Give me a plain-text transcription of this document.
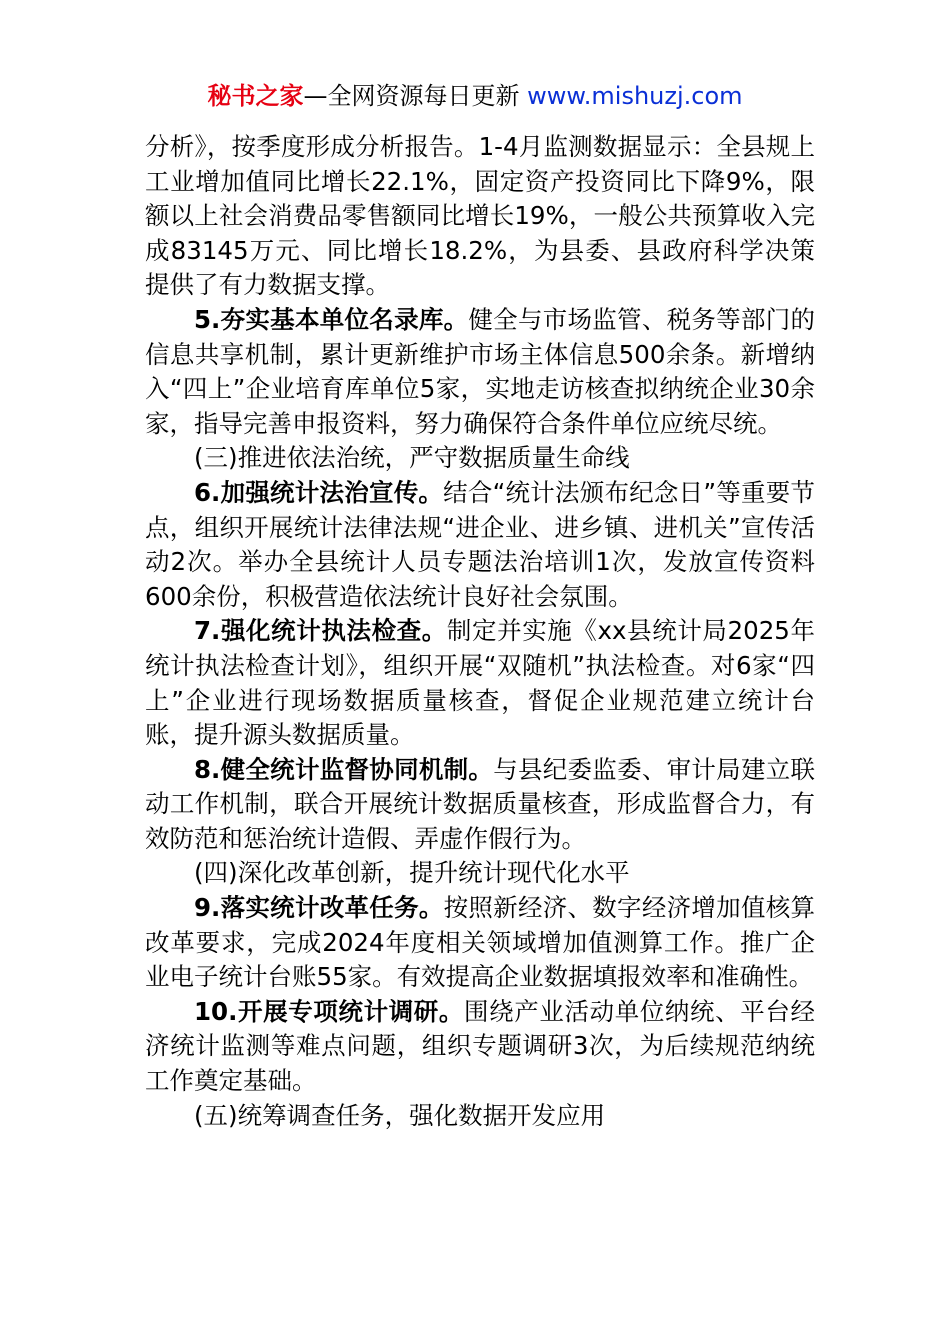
秘书之家—全网资源每日更新 www.mishuzj.com

分析》，按季度形成分析报告。1-4月监测数据显示：全县规上工业增加值同比增长22.1%，固定资产投资同比下降9%，限额以上社会消费品零售额同比增长19%，一般公共预算收入完成83145万元、同比增长18.2%，为县委、县政府科学决策提供了有力数据支撑。

5.夯实基本单位名录库。健全与市场监管、税务等部门的信息共享机制，累计更新维护市场主体信息500余条。新增纳入“四上”企业培育库单位5家，实地走访核查拟纳统企业30余家，指导完善申报资料，努力确保符合条件单位应统尽统。

(三)推进依法治统，严守数据质量生命线

6.加强统计法治宣传。结合“统计法颁布纪念日”等重要节点，组织开展统计法律法规“进企业、进乡镇、进机关”宣传活动2次。举办全县统计人员专题法治培训1次，发放宣传资料600余份，积极营造依法统计良好社会氛围。

7.强化统计执法检查。制定并实施《xx县统计局2025年统计执法检查计划》，组织开展“双随机”执法检查。对6家“四上”企业进行现场数据质量核查，督促企业规范建立统计台账，提升源头数据质量。

8.健全统计监督协同机制。与县纪委监委、审计局建立联动工作机制，联合开展统计数据质量核查，形成监督合力，有效防范和惩治统计造假、弄虚作假行为。

(四)深化改革创新，提升统计现代化水平

9.落实统计改革任务。按照新经济、数字经济增加值核算改革要求，完成2024年度相关领域增加值测算工作。推广企业电子统计台账55家。有效提高企业数据填报效率和准确性。

10.开展专项统计调研。围绕产业活动单位纳统、平台经济统计监测等难点问题，组织专题调研3次，为后续规范纳统工作奠定基础。

(五)统筹调查任务，强化数据开发应用
